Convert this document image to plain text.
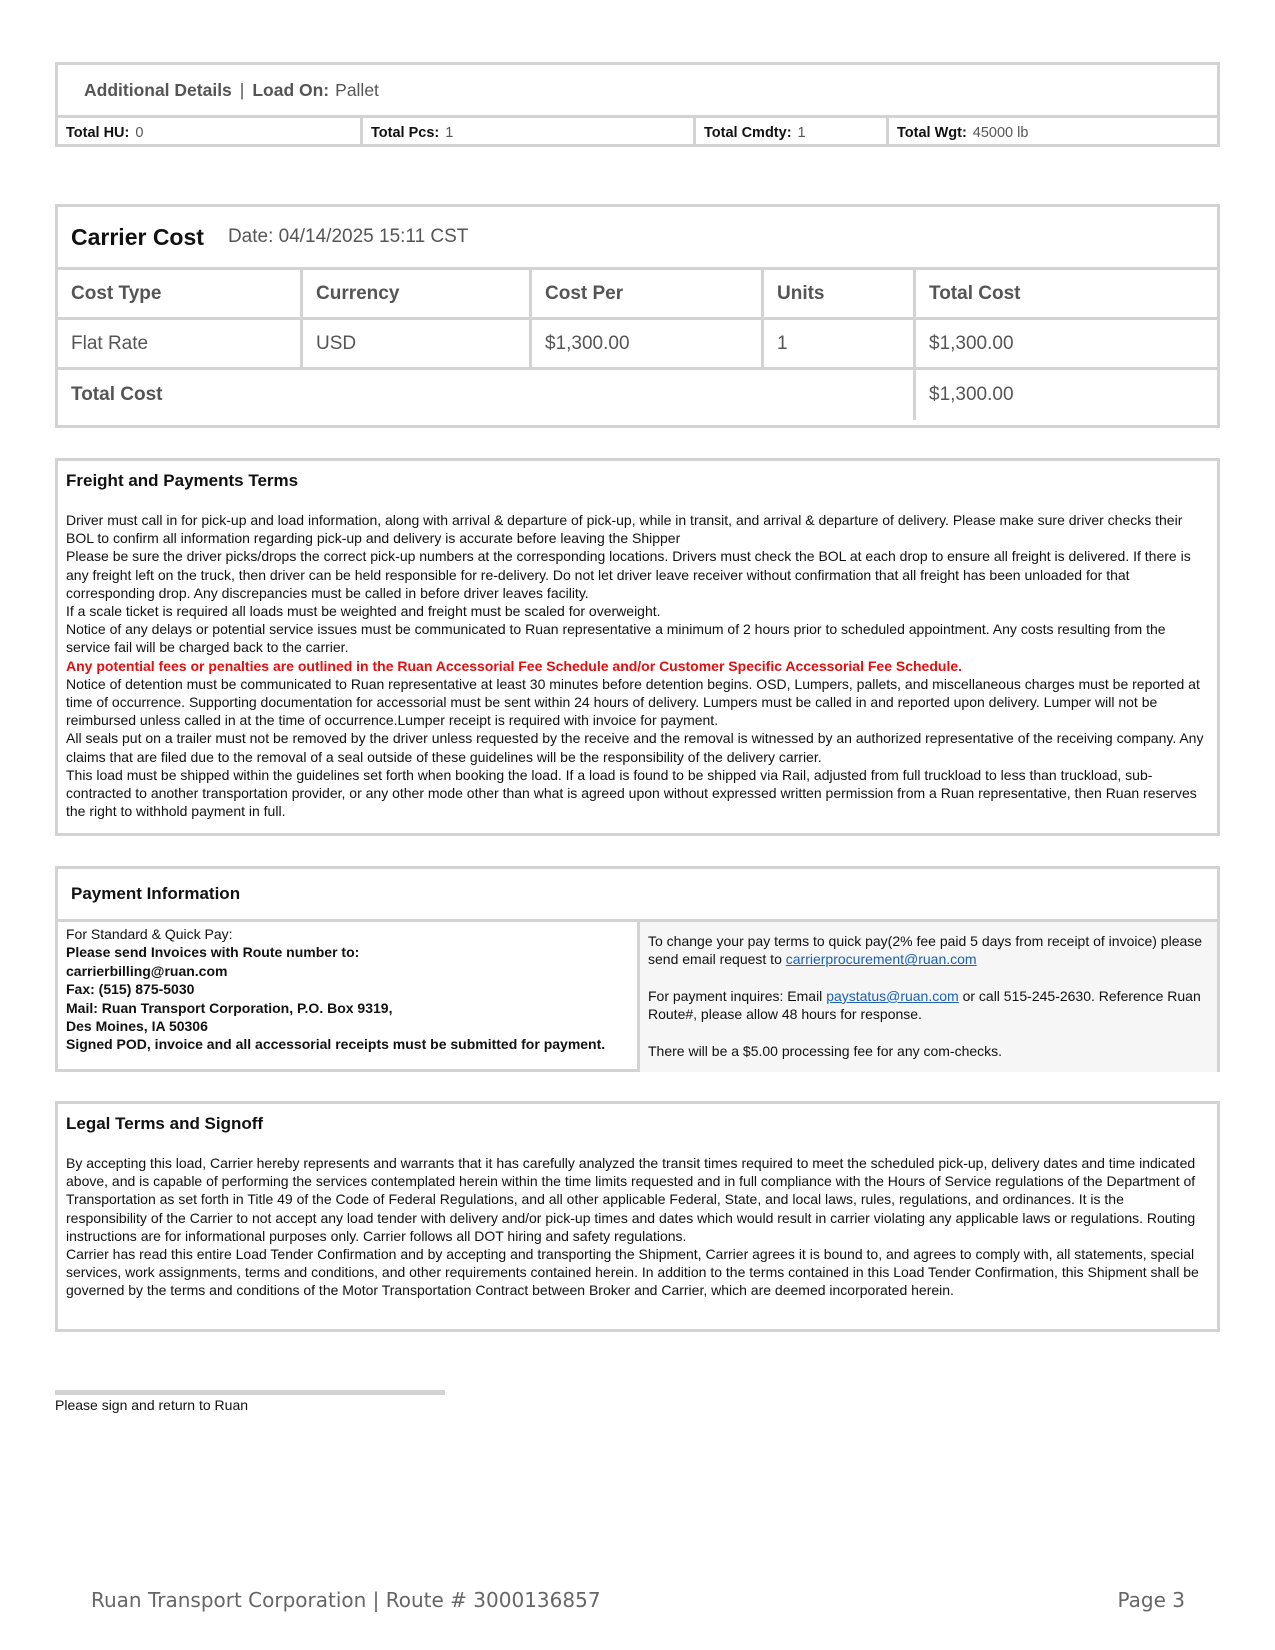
Additional Details | Load On: Pallet
Total HU: 0	Total Pcs: 1	Total Cmdty: 1	Total Wgt: 45000 lb
Carrier Cost Date: 04/14/2025 15:11 CST
Cost Type	Currency	Cost Per	Units	Total Cost
Flat Rate	USD	$1,300.00	1	$1,300.00
Total Cost	$1,300.00
Freight and Payments Terms

Driver must call in for pick-up and load information, along with arrival & departure of pick-up, while in transit, and arrival & departure of delivery. Please make sure driver checks their BOL to confirm all information regarding pick-up and delivery is accurate before leaving the Shipper

Please be sure the driver picks/drops the correct pick-up numbers at the corresponding locations. Drivers must check the BOL at each drop to ensure all freight is delivered. If there is any freight left on the truck, then driver can be held responsible for re-delivery. Do not let driver leave receiver without confirmation that all freight has been unloaded for that corresponding drop. Any discrepancies must be called in before driver leaves facility.

If a scale ticket is required all loads must be weighted and freight must be scaled for overweight.

Notice of any delays or potential service issues must be communicated to Ruan representative a minimum of 2 hours prior to scheduled appointment. Any costs resulting from the service fail will be charged back to the carrier.

Any potential fees or penalties are outlined in the Ruan Accessorial Fee Schedule and/or Customer Specific Accessorial Fee Schedule.

Notice of detention must be communicated to Ruan representative at least 30 minutes before detention begins. OSD, Lumpers, pallets, and miscellaneous charges must be reported at time of occurrence. Supporting documentation for accessorial must be sent within 24 hours of delivery. Lumpers must be called in and reported upon delivery. Lumper will not be reimbursed unless called in at the time of occurrence.Lumper receipt is required with invoice for payment.

All seals put on a trailer must not be removed by the driver unless requested by the receive and the removal is witnessed by an authorized representative of the receiving company. Any claims that are filed due to the removal of a seal outside of these guidelines will be the responsibility of the delivery carrier.

This load must be shipped within the guidelines set forth when booking the load. If a load is found to be shipped via Rail, adjusted from full truckload to less than truckload, sub-contracted to another transportation provider, or any other mode other than what is agreed upon without expressed written permission from a Ruan representative, then Ruan reserves the right to withhold payment in full.

Payment Information
For Standard & Quick Pay:
Please send Invoices with Route number to:
carrierbilling@ruan.com
Fax: (515) 875-5030
Mail: Ruan Transport Corporation, P.O. Box 9319,
Des Moines, IA 50306
Signed POD, invoice and all accessorial receipts must be submitted for payment.

To change your pay terms to quick pay(2% fee paid 5 days from receipt of invoice) please send email request to carrierprocurement@ruan.com

For payment inquires: Email paystatus@ruan.com or call 515-245-2630. Reference Ruan Route#, please allow 48 hours for response.

There will be a $5.00 processing fee for any com-checks.

Legal Terms and Signoff

By accepting this load, Carrier hereby represents and warrants that it has carefully analyzed the transit times required to meet the scheduled pick-up, delivery dates and time indicated above, and is capable of performing the services contemplated herein within the time limits requested and in full compliance with the Hours of Service regulations of the Department of Transportation as set forth in Title 49 of the Code of Federal Regulations, and all other applicable Federal, State, and local laws, rules, regulations, and ordinances. It is the responsibility of the Carrier to not accept any load tender with delivery and/or pick-up times and dates which would result in carrier violating any applicable laws or regulations. Routing instructions are for informational purposes only. Carrier follows all DOT hiring and safety regulations.

Carrier has read this entire Load Tender Confirmation and by accepting and transporting the Shipment, Carrier agrees it is bound to, and agrees to comply with, all statements, special services, work assignments, terms and conditions, and other requirements contained herein. In addition to the terms contained in this Load Tender Confirmation, this Shipment shall be governed by the terms and conditions of the Motor Transportation Contract between Broker and Carrier, which are deemed incorporated herein.

Please sign and return to Ruan
Ruan Transport Corporation | Route # 3000136857	Page 3
